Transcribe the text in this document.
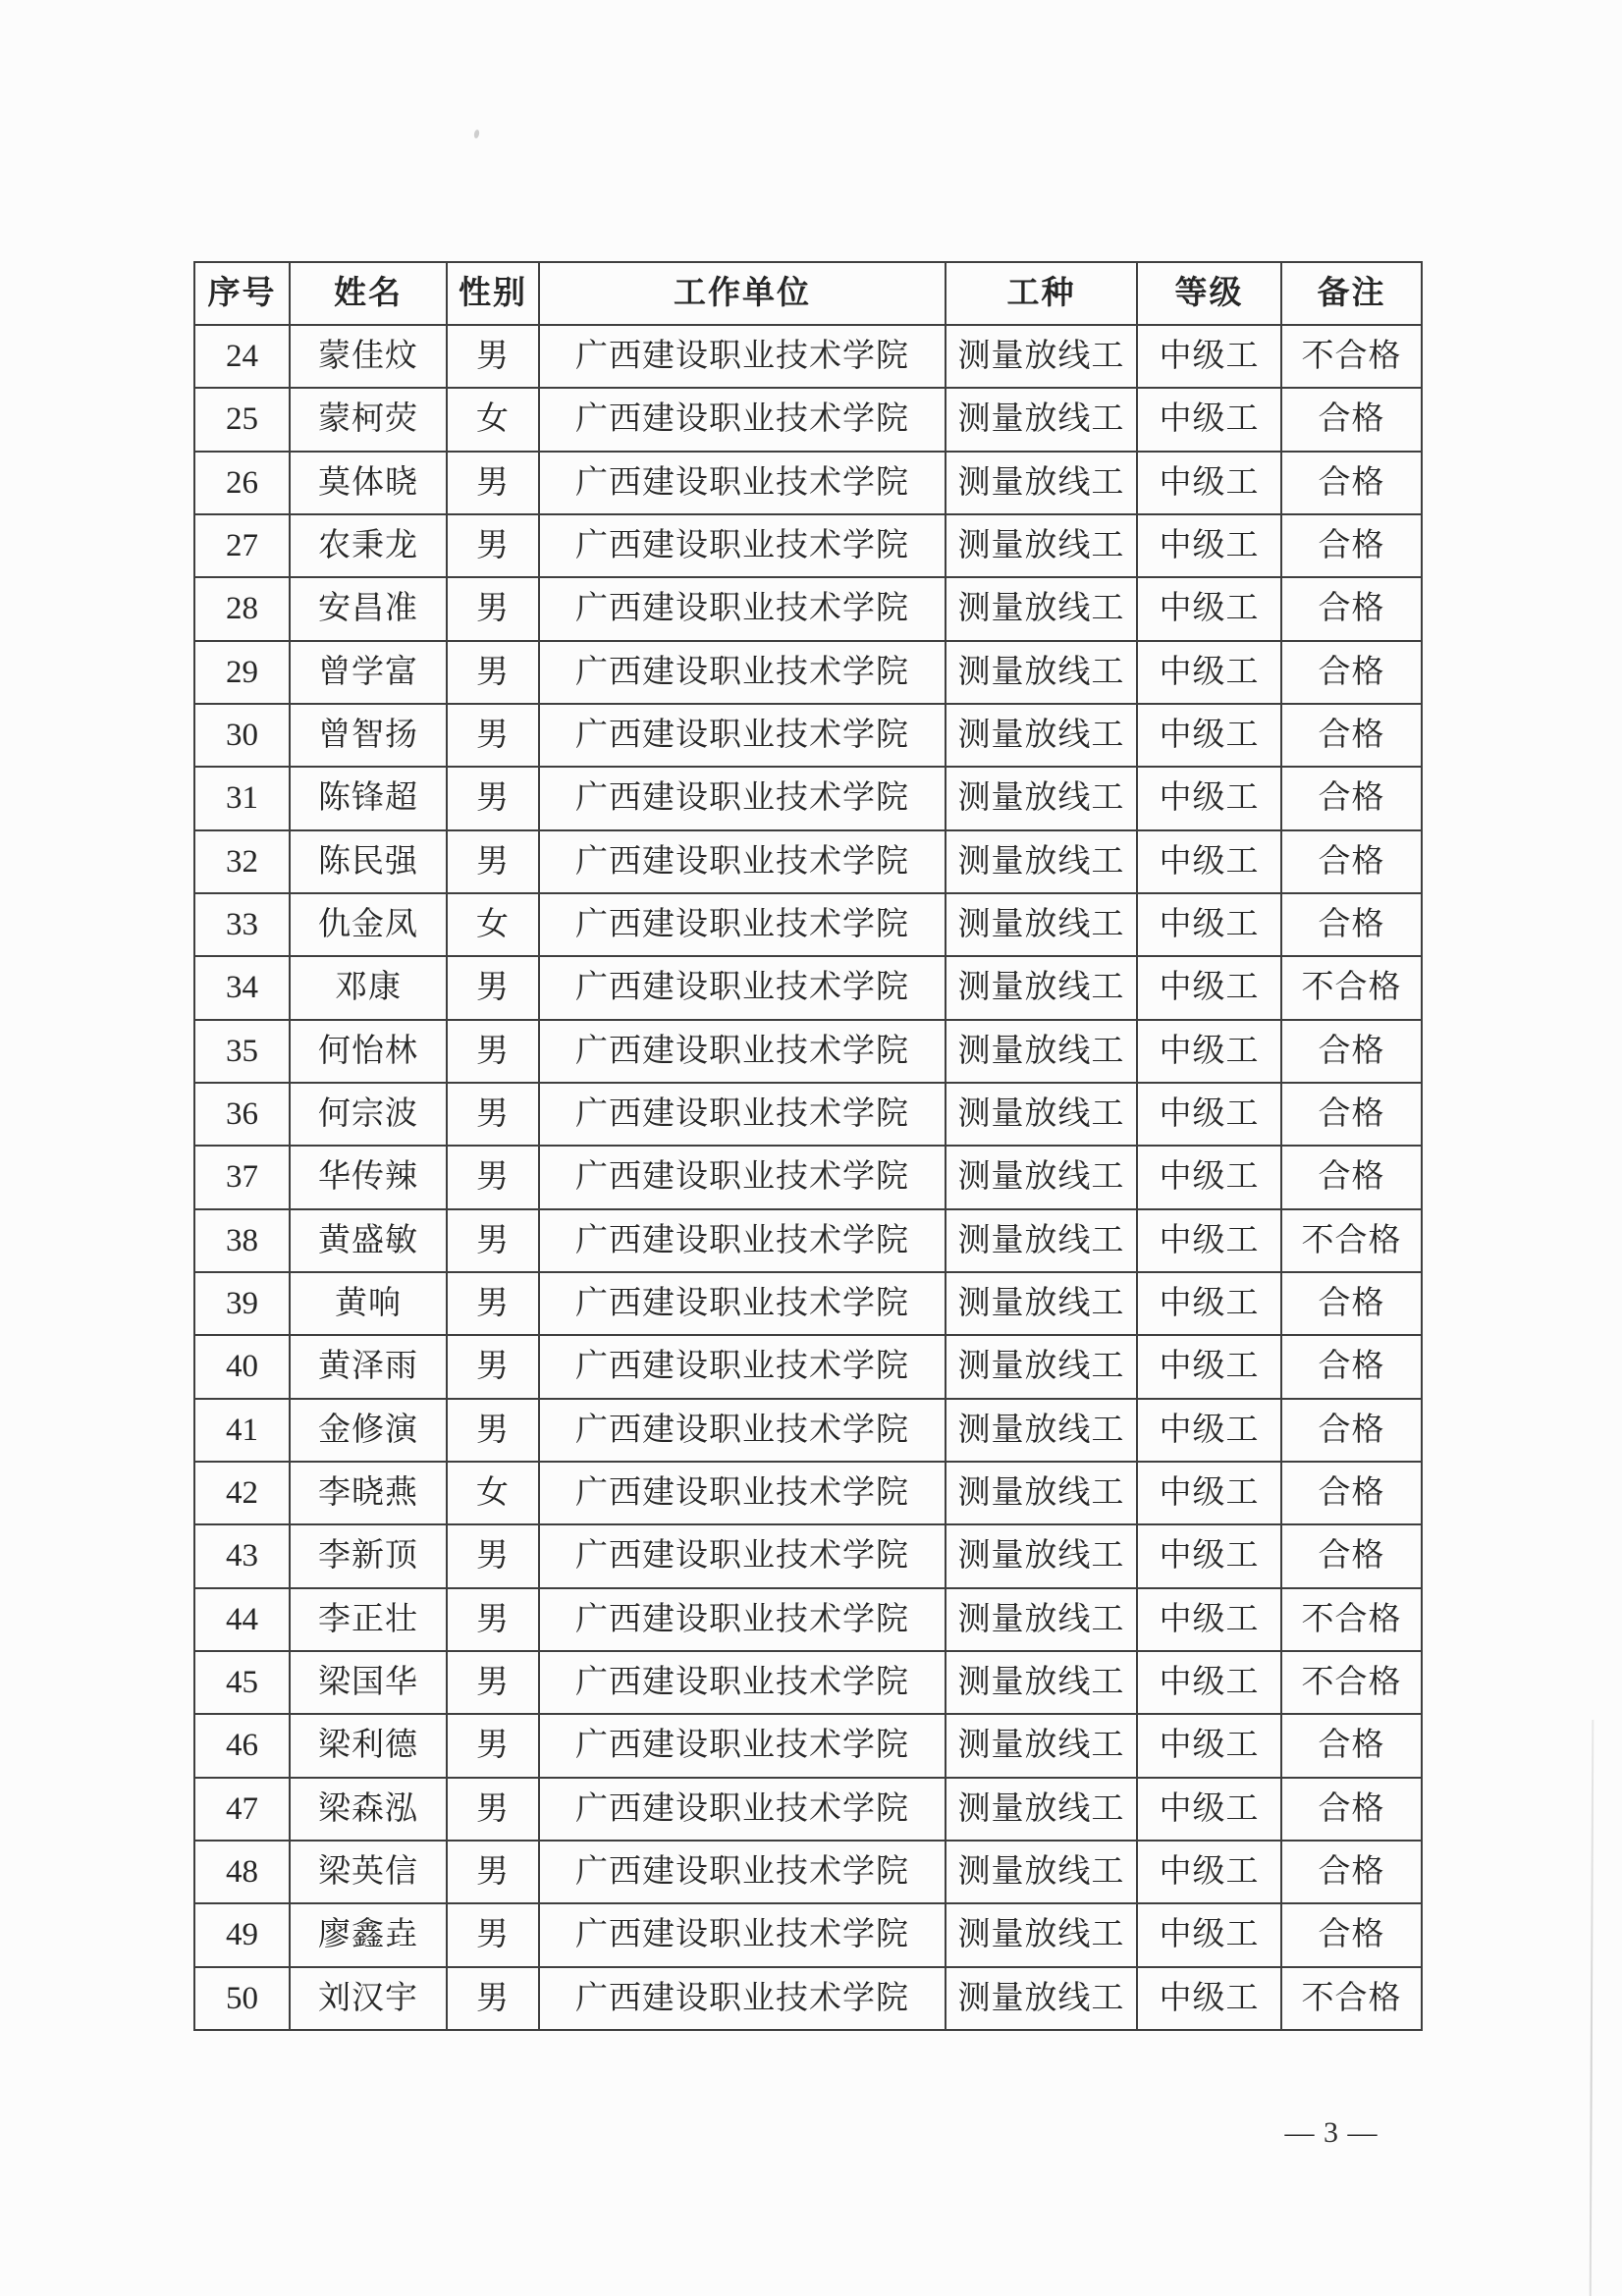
序号	姓名	性别	工作单位	工种	等级	备注
24	蒙佳炆	男	广西建设职业技术学院	测量放线工	中级工	不合格
25	蒙柯荧	女	广西建设职业技术学院	测量放线工	中级工	合格
26	莫体晓	男	广西建设职业技术学院	测量放线工	中级工	合格
27	农秉龙	男	广西建设职业技术学院	测量放线工	中级工	合格
28	安昌准	男	广西建设职业技术学院	测量放线工	中级工	合格
29	曾学富	男	广西建设职业技术学院	测量放线工	中级工	合格
30	曾智扬	男	广西建设职业技术学院	测量放线工	中级工	合格
31	陈锋超	男	广西建设职业技术学院	测量放线工	中级工	合格
32	陈民强	男	广西建设职业技术学院	测量放线工	中级工	合格
33	仇金凤	女	广西建设职业技术学院	测量放线工	中级工	合格
34	邓康	男	广西建设职业技术学院	测量放线工	中级工	不合格
35	何怡林	男	广西建设职业技术学院	测量放线工	中级工	合格
36	何宗波	男	广西建设职业技术学院	测量放线工	中级工	合格
37	华传辣	男	广西建设职业技术学院	测量放线工	中级工	合格
38	黄盛敏	男	广西建设职业技术学院	测量放线工	中级工	不合格
39	黄响	男	广西建设职业技术学院	测量放线工	中级工	合格
40	黄泽雨	男	广西建设职业技术学院	测量放线工	中级工	合格
41	金修演	男	广西建设职业技术学院	测量放线工	中级工	合格
42	李晓燕	女	广西建设职业技术学院	测量放线工	中级工	合格
43	李新顶	男	广西建设职业技术学院	测量放线工	中级工	合格
44	李正壮	男	广西建设职业技术学院	测量放线工	中级工	不合格
45	梁国华	男	广西建设职业技术学院	测量放线工	中级工	不合格
46	梁利德	男	广西建设职业技术学院	测量放线工	中级工	合格
47	梁森泓	男	广西建设职业技术学院	测量放线工	中级工	合格
48	梁英信	男	广西建设职业技术学院	测量放线工	中级工	合格
49	廖鑫垚	男	广西建设职业技术学院	测量放线工	中级工	合格
50	刘汉宇	男	广西建设职业技术学院	测量放线工	中级工	不合格
— 3 —
